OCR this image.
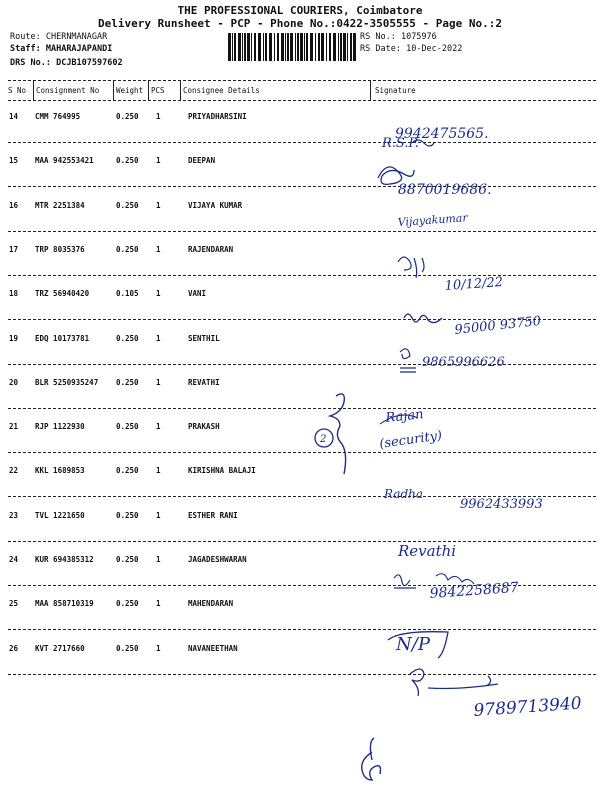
THE PROFESSIONAL COURIERS, Coimbatore
Delivery Runsheet - PCP - Phone No.:0422-3505555 - Page No.:2
Route: CHERNMANAGAR
Staff: MAHARAJAPANDI
DRS No.: DCJB107597602
RS No.: 1075976
RS Date: 10-Dec-2022
S No Consignment No Weight PCS Consignee Details	Signature
14 CMM 764995	0.250 1	PRIYADHARSINI
15 MAA 942553421	0.250 1	DEEPAN
16 MTR 2251384	0.250 1	VIJAYA KUMAR
17 TRP 8035376	0.250 1	RAJENDARAN
18 TRZ 56940420	0.105 1	VANI
19 EDQ 10173781	0.250 1	SENTHIL
20 BLR 5250935247 0.250 1	REVATHI
21 RJP 1122930	0.250 1	PRAKASH
22 KKL 1689853	0.250 1	KIRISHNA BALAJI
23 TVL 1221650	0.250 1	ESTHER RANI
24 KUR 694385312	0.250 1	JAGADESHWARAN
25 MAA 858710319	0.250 1	MAHENDARAN
26 KVT 2717660	0.250 1	NAVANEETHAN
R.S.P.
9942475565.
8870019686.
Vijayakumar
10/12/22
95000 93750
9865996626
2
Rajan
(security)
Radha
9962433993
Revathi
9842258687
N/P
9789713940
